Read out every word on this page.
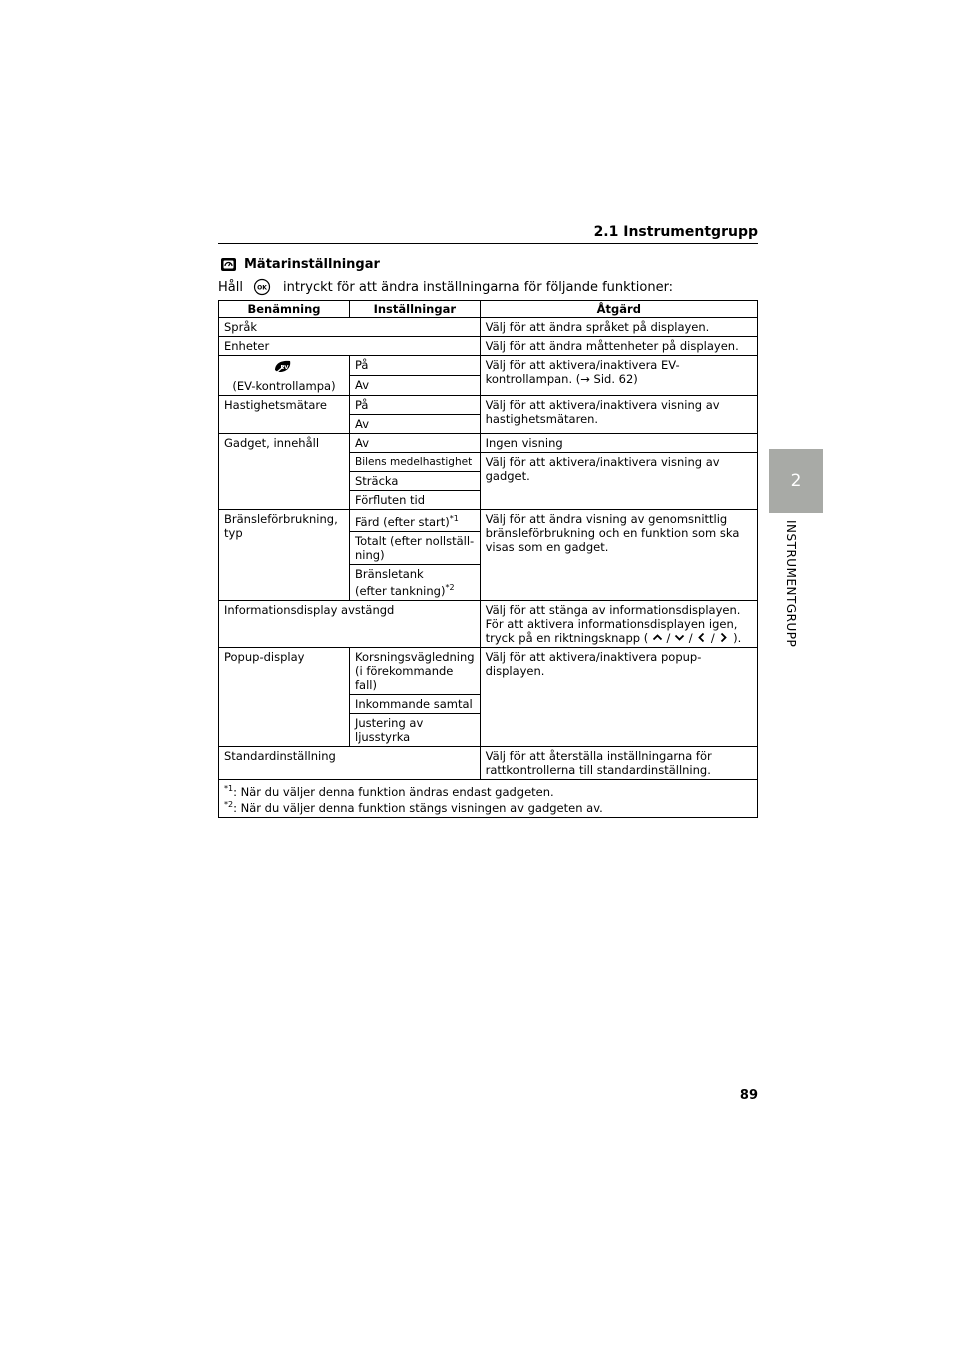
2.1 Instrumentgrupp
Mätarinställningar
Håll OK intryckt för att ändra inställningarna för följande funktioner:
Benämning	Inställningar	Åtgärd
Språk		Välj för att ändra språket på displayen.
Enheter		Välj för att ändra måttenheter på displayen.

EV
(EV-kontrollampa)	På	Välj för att aktivera/inaktivera EV-kontrollampan. (→ Sid. 62)
	Av	
Hastighetsmätare	På	Välj för att aktivera/inaktivera visning av hastighetsmätaren.
	Av	
Gadget, innehåll	Av	Ingen visning
	Bilens medelhastighet	Välj för att aktivera/inaktivera visning av gadget.
	Sträcka	
	Förfluten tid	
Bränsleförbrukning, typ	Färd (efter start)$^{*1}$	Välj för att ändra visning av genomsnittlig bränsleförbrukning och en funktion som ska visas som en gadget.
	Totalt (efter nollställ-ning)	
	Bränsletank
(efter tankning)$^{*2}$
Informationsdisplay avstängd		Välj för att stänga av informationsdisplayen.
För att aktivera informationsdisplayen igen,
tryck på en riktningsknapp ( / / / ).
Popup-display	Korsningsvägledning (i förekommande fall)	Välj för att aktivera/inaktivera popup-displayen.
	Inkommande samtal	
	Justering av ljusstyrka	
Standardinställning		Välj för att återställa inställningarna för rattkontrollerna till standardinställning.
$^{*1}$: När du väljer denna funktion ändras endast gadgeten.
$^{*2}$: När du väljer denna funktion stängs visningen av gadgeten av.		
2
INSTRUMENTGRUPP
89
